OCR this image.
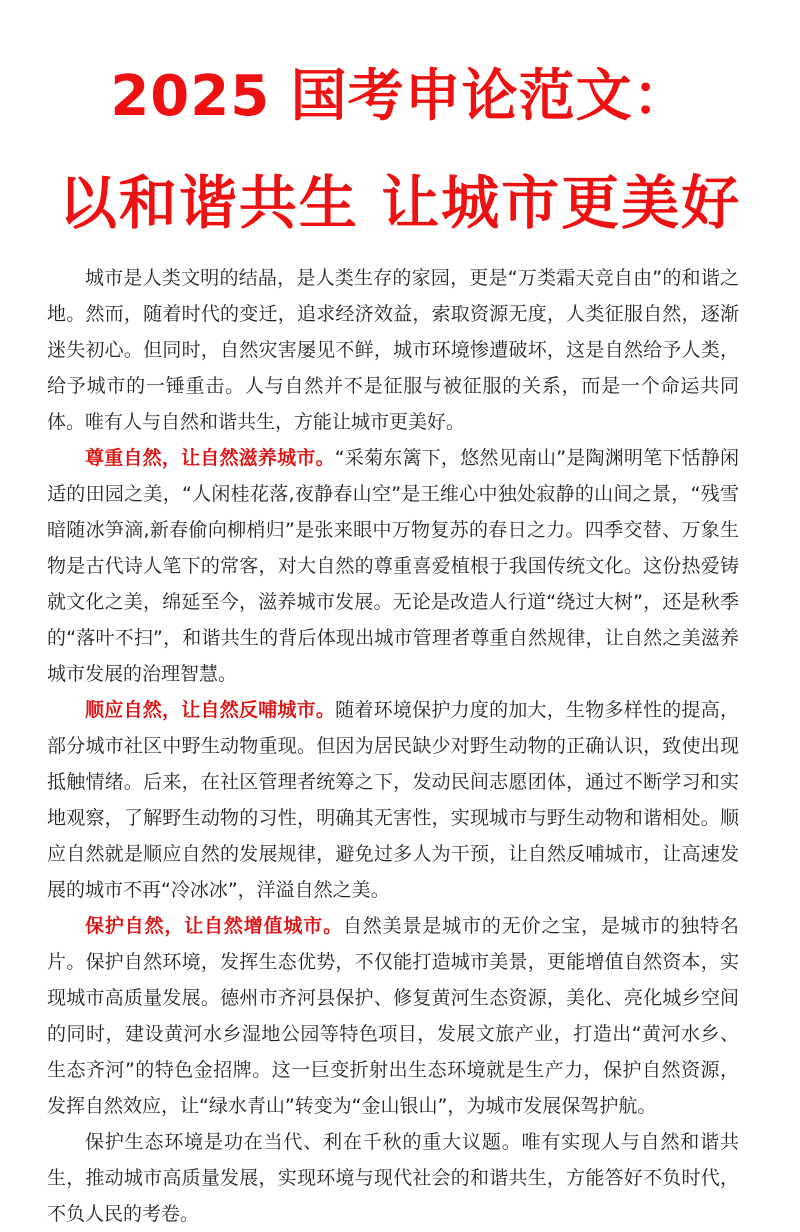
2025 国考申论范文：
以和谐共生 让城市更美好

城市是人类文明的结晶，是人类生存的家园，更是“万类霜天竞自由”的和谐之地。然而，随着时代的变迁，追求经济效益，索取资源无度，人类征服自然，逐渐迷失初心。但同时，自然灾害屡见不鲜，城市环境惨遭破坏，这是自然给予人类，给予城市的一锤重击。人与自然并不是征服与被征服的关系，而是一个命运共同体。唯有人与自然和谐共生，方能让城市更美好。

尊重自然，让自然滋养城市。“采菊东篱下，悠然见南山”是陶渊明笔下恬静闲适的田园之美，“人闲桂花落,夜静春山空”是王维心中独处寂静的山间之景，“残雪暗随冰笋滴,新春偷向柳梢归”是张来眼中万物复苏的春日之力。四季交替、万象生物是古代诗人笔下的常客，对大自然的尊重喜爱植根于我国传统文化。这份热爱铸就文化之美，绵延至今，滋养城市发展。无论是改造人行道“绕过大树”，还是秋季的“落叶不扫”，和谐共生的背后体现出城市管理者尊重自然规律，让自然之美滋养城市发展的治理智慧。

顺应自然，让自然反哺城市。随着环境保护力度的加大，生物多样性的提高，部分城市社区中野生动物重现。但因为居民缺少对野生动物的正确认识，致使出现抵触情绪。后来，在社区管理者统筹之下，发动民间志愿团体，通过不断学习和实地观察，了解野生动物的习性，明确其无害性，实现城市与野生动物和谐相处。顺应自然就是顺应自然的发展规律，避免过多人为干预，让自然反哺城市，让高速发展的城市不再“冷冰冰”，洋溢自然之美。

保护自然，让自然增值城市。自然美景是城市的无价之宝，是城市的独特名片。保护自然环境，发挥生态优势，不仅能打造城市美景，更能增值自然资本，实现城市高质量发展。德州市齐河县保护、修复黄河生态资源，美化、亮化城乡空间的同时，建设黄河水乡湿地公园等特色项目，发展文旅产业，打造出“黄河水乡、生态齐河”的特色金招牌。这一巨变折射出生态环境就是生产力，保护自然资源，发挥自然效应，让“绿水青山”转变为“金山银山”，为城市发展保驾护航。

保护生态环境是功在当代、利在千秋的重大议题。唯有实现人与自然和谐共生，推动城市高质量发展，实现环境与现代社会的和谐共生，方能答好不负时代，不负人民的考卷。
